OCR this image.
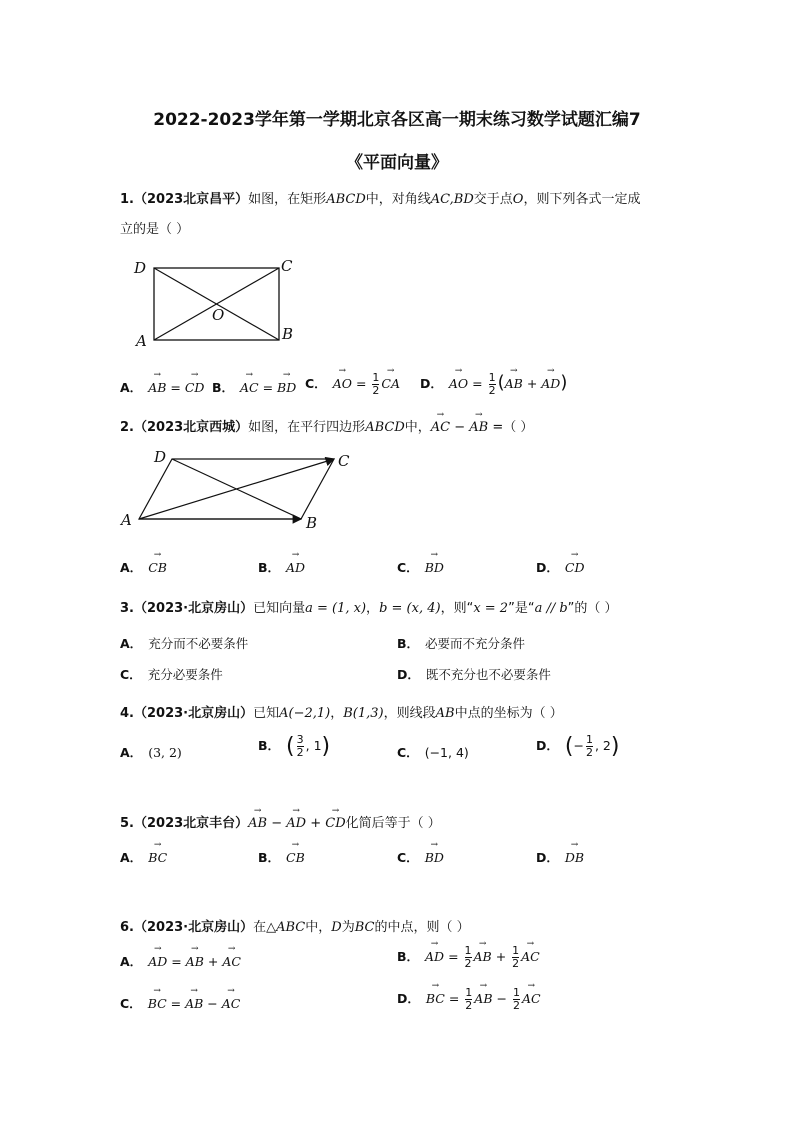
2022-2023学年第一学期北京各区高一期末练习数学试题汇编7
《平面向量》
1.（2023北京昌平）如图，在矩形ABCD中，对角线AC,BD交于点O，则下列各式一定成
立的是（ ）
D	C
O
A	B
A． → AB = → CD B． → AC = → BD C． → AO = $\frac{1}{2}$ → CA D． → AO = $\frac{1}{2}$ (→ AB + → AD)
2.（2023北京西城）如图，在平行四边形ABCD中，→ AC − → AB =（ ）
D	C
A	B
A． → CB	B． → AD	C． → BD	D． → CD
3.（2023·北京房山）已知向量a = (1, x)，b = (x, 4)，则“x = 2”是“a // b”的（ ）
A． 充分而不必要条件	B． 必要而不充分条件
C． 充分必要条件	D． 既不充分也不必要条件
4.（2023·北京房山）已知A(−2,1)，B(1,3)，则线段AB中点的坐标为（ ）
A． (3, 2)	B． ( $\frac{3}{2}$ , 1)	C． (−1, 4)	D． (− $\frac{1}{2}$ , 2)
5.（2023北京丰台）→ AB − → AD + → CD化简后等于（ ）
A． → BC	B． → CB	C． → BD	D． → DB
6.（2023·北京房山）在△ABC中，D为BC的中点，则（ ）
A． → AD = → AB + → AC	B． → AD = $\frac{1}{2}$ → AB + $\frac{1}{2}$ → AC
C． → BC = → AB − → AC	D． → BC = $\frac{1}{2}$ → AB − $\frac{1}{2}$ → AC
